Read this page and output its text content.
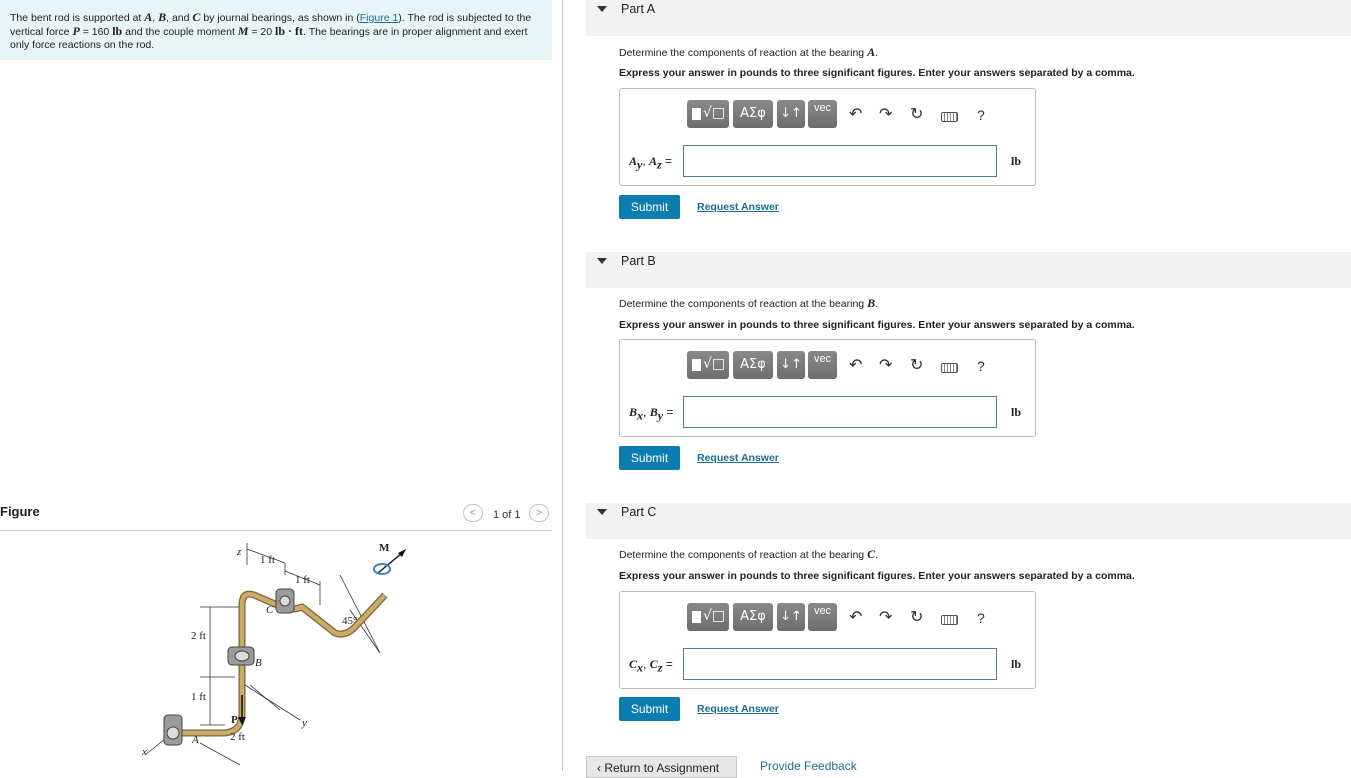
The bent rod is supported at A, B, and C by journal bearings, as shown in (Figure 1). The rod is subjected to the vertical force P = 160 lb and the couple moment M = 20 lb · ft. The bearings are in proper alignment and exert only force reactions on the rod.
Figure	<	1 of 1	>
z
1 ft
1 ft
M
C
45°
2 ft
B
1 ft
P	y
A	2 ft
x
Part A
Determine the components of reaction at the bearing A.
Express your answer in pounds to three significant figures. Enter your answers separated by a comma.
√□	ΑΣφ	↓↑	vec	↶ ↷ ↻	?
$A_y$, $A_z$ =	lb
Submit	Request Answer
Part B
Determine the components of reaction at the bearing B.
Express your answer in pounds to three significant figures. Enter your answers separated by a comma.
√□	ΑΣφ	↓↑	vec	↶ ↷ ↻	?
$B_x$, $B_y$ =	lb
Submit	Request Answer
Part C
Determine the components of reaction at the bearing C.
Express your answer in pounds to three significant figures. Enter your answers separated by a comma.
√□	ΑΣφ	↓↑	vec	↶ ↷ ↻	?
$C_x$, $C_z$ =	lb
Submit	Request Answer
‹ Return to Assignment	Provide Feedback
